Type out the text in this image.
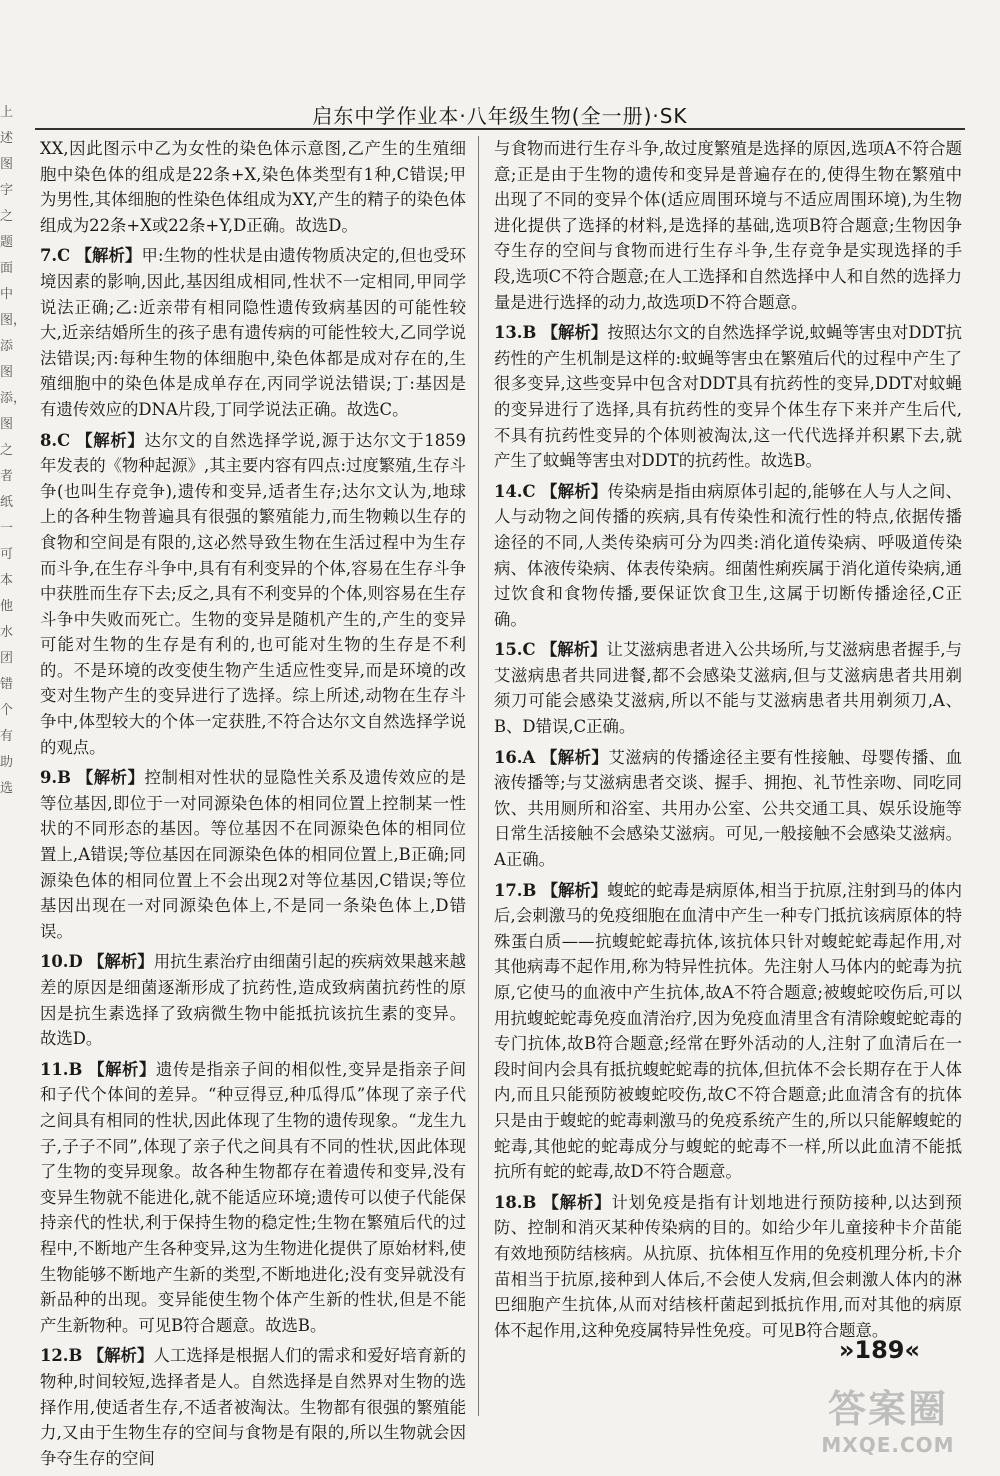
启东中学作业本·八年级生物(全一册)·SK
上述图字之题面中图，添图添，图之者纸一可本他水团错个有助选

XX,因此图示中乙为女性的染色体示意图,乙产生的生殖细胞中染色体的组成是22条+X,染色体类型有1种,C错误;甲为男性,其体细胞的性染色体组成为XY,产生的精子的染色体组成为22条+X或22条+Y,D正确。故选D。

7.C 【解析】甲:生物的性状是由遗传物质决定的,但也受环境因素的影响,因此,基因组成相同,性状不一定相同,甲同学说法正确;乙:近亲带有相同隐性遗传致病基因的可能性较大,近亲结婚所生的孩子患有遗传病的可能性较大,乙同学说法错误;丙:每种生物的体细胞中,染色体都是成对存在的,生殖细胞中的染色体是成单存在,丙同学说法错误;丁:基因是有遗传效应的DNA片段,丁同学说法正确。故选C。

8.C 【解析】达尔文的自然选择学说,源于达尔文于1859年发表的《物种起源》,其主要内容有四点:过度繁殖,生存斗争(也叫生存竞争),遗传和变异,适者生存;达尔文认为,地球上的各种生物普遍具有很强的繁殖能力,而生物赖以生存的食物和空间是有限的,这必然导致生物在生活过程中为生存而斗争,在生存斗争中,具有有利变异的个体,容易在生存斗争中获胜而生存下去;反之,具有不利变异的个体,则容易在生存斗争中失败而死亡。生物的变异是随机产生的,产生的变异可能对生物的生存是有利的,也可能对生物的生存是不利的。不是环境的改变使生物产生适应性变异,而是环境的改变对生物产生的变异进行了选择。综上所述,动物在生存斗争中,体型较大的个体一定获胜,不符合达尔文自然选择学说的观点。

9.B 【解析】控制相对性状的显隐性关系及遗传效应的是等位基因,即位于一对同源染色体的相同位置上控制某一性状的不同形态的基因。等位基因不在同源染色体的相同位置上,A错误;等位基因在同源染色体的相同位置上,B正确;同源染色体的相同位置上不会出现2对等位基因,C错误;等位基因出现在一对同源染色体上,不是同一条染色体上,D错误。

10.D 【解析】用抗生素治疗由细菌引起的疾病效果越来越差的原因是细菌逐渐形成了抗药性,造成致病菌抗药性的原因是抗生素选择了致病微生物中能抵抗该抗生素的变异。故选D。

11.B 【解析】遗传是指亲子间的相似性,变异是指亲子间和子代个体间的差异。“种豆得豆,种瓜得瓜”体现了亲子代之间具有相同的性状,因此体现了生物的遗传现象。“龙生九子,子子不同”,体现了亲子代之间具有不同的性状,因此体现了生物的变异现象。故各种生物都存在着遗传和变异,没有变异生物就不能进化,就不能适应环境;遗传可以使子代能保持亲代的性状,利于保持生物的稳定性;生物在繁殖后代的过程中,不断地产生各种变异,这为生物进化提供了原始材料,使生物能够不断地产生新的类型,不断地进化;没有变异就没有新品种的出现。变异能使生物个体产生新的性状,但是不能产生新物种。可见B符合题意。故选B。

12.B 【解析】人工选择是根据人们的需求和爱好培育新的物种,时间较短,选择者是人。自然选择是自然界对生物的选择作用,使适者生存,不适者被淘汰。生物都有很强的繁殖能力,又由于生物生存的空间与食物是有限的,所以生物就会因争夺生存的空间

与食物而进行生存斗争,故过度繁殖是选择的原因,选项A不符合题意;正是由于生物的遗传和变异是普遍存在的,使得生物在繁殖中出现了不同的变异个体(适应周围环境与不适应周围环境),为生物进化提供了选择的材料,是选择的基础,选项B符合题意;生物因争夺生存的空间与食物而进行生存斗争,生存竞争是实现选择的手段,选项C不符合题意;在人工选择和自然选择中人和自然的选择力量是进行选择的动力,故选项D不符合题意。

13.B 【解析】按照达尔文的自然选择学说,蚊蝇等害虫对DDT抗药性的产生机制是这样的:蚊蝇等害虫在繁殖后代的过程中产生了很多变异,这些变异中包含对DDT具有抗药性的变异,DDT对蚊蝇的变异进行了选择,具有抗药性的变异个体生存下来并产生后代,不具有抗药性变异的个体则被淘汰,这一代代选择并积累下去,就产生了蚊蝇等害虫对DDT的抗药性。故选B。

14.C 【解析】传染病是指由病原体引起的,能够在人与人之间、人与动物之间传播的疾病,具有传染性和流行性的特点,依据传播途径的不同,人类传染病可分为四类:消化道传染病、呼吸道传染病、体液传染病、体表传染病。细菌性痢疾属于消化道传染病,通过饮食和食物传播,要保证饮食卫生,这属于切断传播途径,C正确。

15.C 【解析】让艾滋病患者进入公共场所,与艾滋病患者握手,与艾滋病患者共同进餐,都不会感染艾滋病,但与艾滋病患者共用剃须刀可能会感染艾滋病,所以不能与艾滋病患者共用剃须刀,A、B、D错误,C正确。

16.A 【解析】艾滋病的传播途径主要有性接触、母婴传播、血液传播等;与艾滋病患者交谈、握手、拥抱、礼节性亲吻、同吃同饮、共用厕所和浴室、共用办公室、公共交通工具、娱乐设施等日常生活接触不会感染艾滋病。可见,一般接触不会感染艾滋病。A正确。

17.B 【解析】蝮蛇的蛇毒是病原体,相当于抗原,注射到马的体内后,会刺激马的免疫细胞在血清中产生一种专门抵抗该病原体的特殊蛋白质——抗蝮蛇蛇毒抗体,该抗体只针对蝮蛇蛇毒起作用,对其他病毒不起作用,称为特异性抗体。先注射人马体内的蛇毒为抗原,它使马的血液中产生抗体,故A不符合题意;被蝮蛇咬伤后,可以用抗蝮蛇蛇毒免疫血清治疗,因为免疫血清里含有清除蝮蛇蛇毒的专门抗体,故B符合题意;经常在野外活动的人,注射了血清后在一段时间内会具有抵抗蝮蛇蛇毒的抗体,但抗体不会长期存在于人体内,而且只能预防被蝮蛇咬伤,故C不符合题意;此血清含有的抗体只是由于蝮蛇的蛇毒刺激马的免疫系统产生的,所以只能解蝮蛇的蛇毒,其他蛇的蛇毒成分与蝮蛇的蛇毒不一样,所以此血清不能抵抗所有蛇的蛇毒,故D不符合题意。

18.B 【解析】计划免疫是指有计划地进行预防接种,以达到预防、控制和消灭某种传染病的目的。如给少年儿童接种卡介苗能有效地预防结核病。从抗原、抗体相互作用的免疫机理分析,卡介苗相当于抗原,接种到人体后,不会使人发病,但会刺激人体内的淋巴细胞产生抗体,从而对结核杆菌起到抵抗作用,而对其他的病原体不起作用,这种免疫属特异性免疫。可见B符合题意。

»189«
答案圈
MXQE.COM
